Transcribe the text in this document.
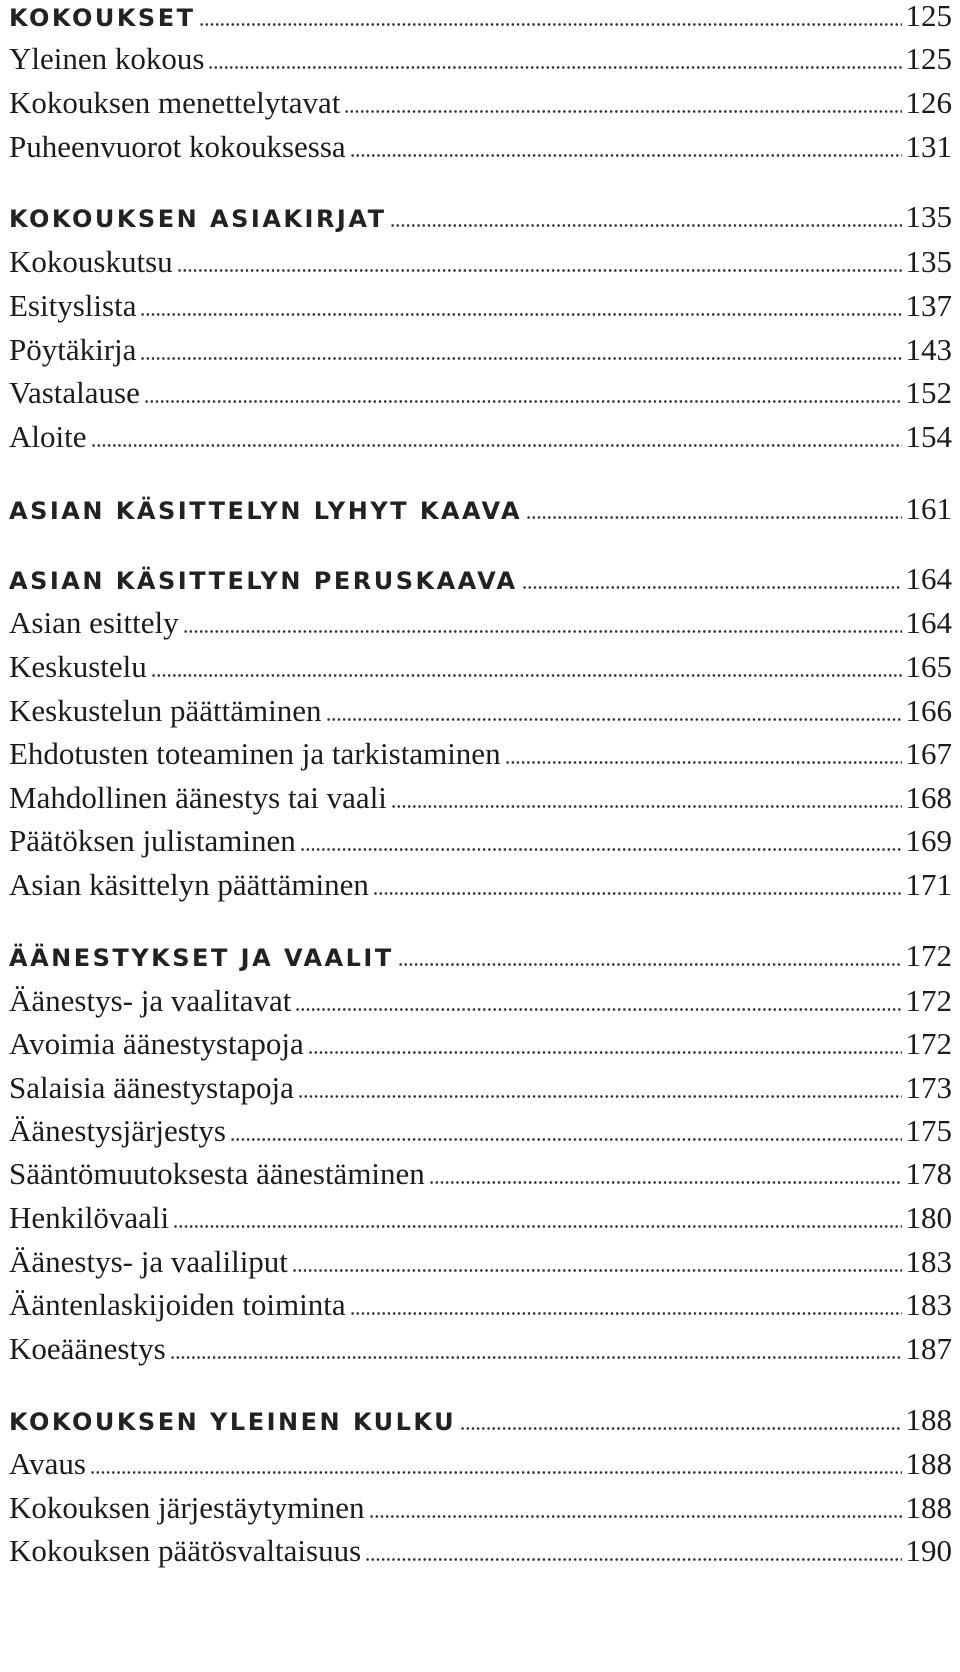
KOKOUKSET	125
Yleinen kokous	125
Kokouksen menettelytavat	126
Puheenvuorot kokouksessa	131
KOKOUKSEN ASIAKIRJAT	135
Kokouskutsu	135
Esityslista	137
Pöytäkirja	143
Vastalause	152
Aloite	154
ASIAN KÄSITTELYN LYHYT KAAVA	161
ASIAN KÄSITTELYN PERUSKAAVA	164
Asian esittely	164
Keskustelu	165
Keskustelun päättäminen	166
Ehdotusten toteaminen ja tarkistaminen	167
Mahdollinen äänestys tai vaali	168
Päätöksen julistaminen	169
Asian käsittelyn päättäminen	171
ÄÄNESTYKSET JA VAALIT	172
Äänestys- ja vaalitavat	172
Avoimia äänestystapoja	172
Salaisia äänestystapoja	173
Äänestysjärjestys	175
Sääntömuutoksesta äänestäminen	178
Henkilövaali	180
Äänestys- ja vaaliliput	183
Ääntenlaskijoiden toiminta	183
Koeäänestys	187
KOKOUKSEN YLEINEN KULKU	188
Avaus	188
Kokouksen järjestäytyminen	188
Kokouksen päätösvaltaisuus	190
